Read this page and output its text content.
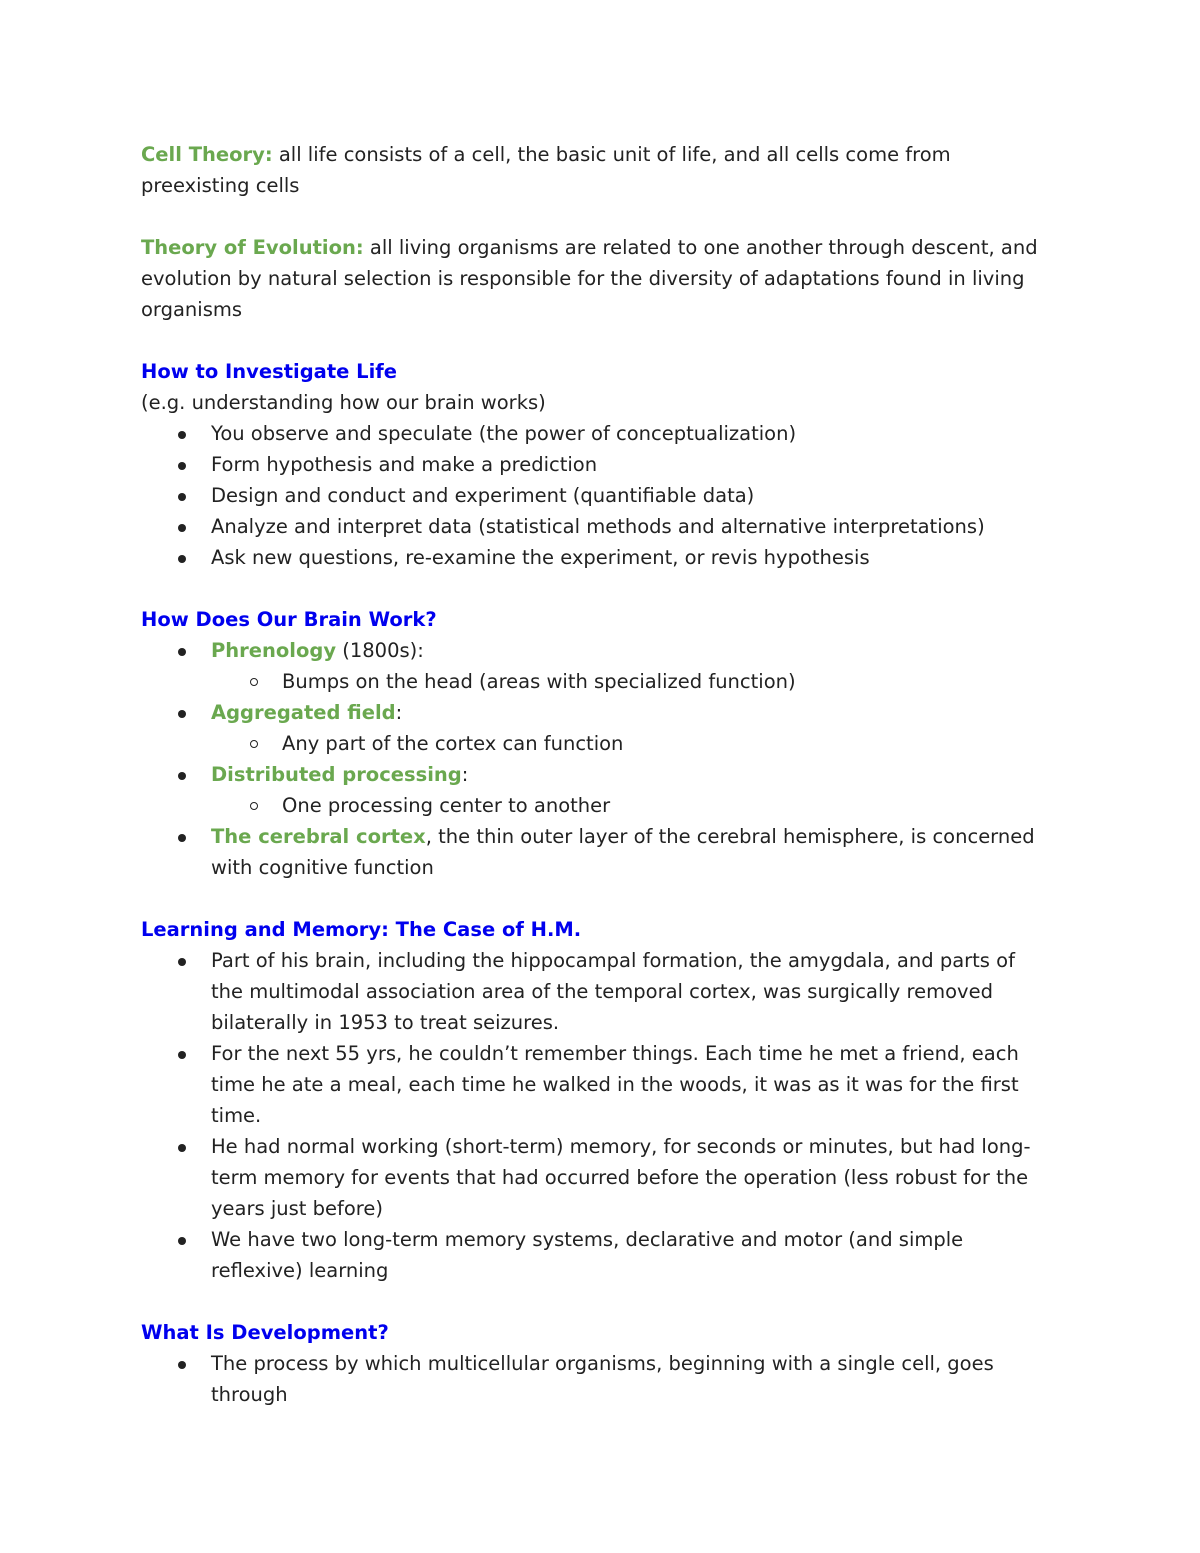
Cell Theory: all life consists of a cell, the basic unit of life, and all cells come from preexisting cells

Theory of Evolution: all living organisms are related to one another through descent, and evolution by natural selection is responsible for the diversity of adaptations found in living organisms

How to Investigate Life

(e.g. understanding how our brain works)

You observe and speculate (the power of conceptualization)
Form hypothesis and make a prediction
Design and conduct and experiment (quantifiable data)
Analyze and interpret data (statistical methods and alternative interpretations)
Ask new questions, re-examine the experiment, or revis hypothesis

How Does Our Brain Work?

Phrenology (1800s):
Bumps on the head (areas with specialized function)
Aggregated field:
Any part of the cortex can function
Distributed processing:
One processing center to another
The cerebral cortex, the thin outer layer of the cerebral hemisphere, is concerned with cognitive function

Learning and Memory: The Case of H.M.

Part of his brain, including the hippocampal formation, the amygdala, and parts of the multimodal association area of the temporal cortex, was surgically removed bilaterally in 1953 to treat seizures.
For the next 55 yrs, he couldn’t remember things. Each time he met a friend, each time he ate a meal, each time he walked in the woods, it was as it was for the first time.
He had normal working (short-term) memory, for seconds or minutes, but had long-term memory for events that had occurred before the operation (less robust for the years just before)
We have two long-term memory systems, declarative and motor (and simple reflexive) learning

What Is Development?

The process by which multicellular organisms, beginning with a single cell, goes through
